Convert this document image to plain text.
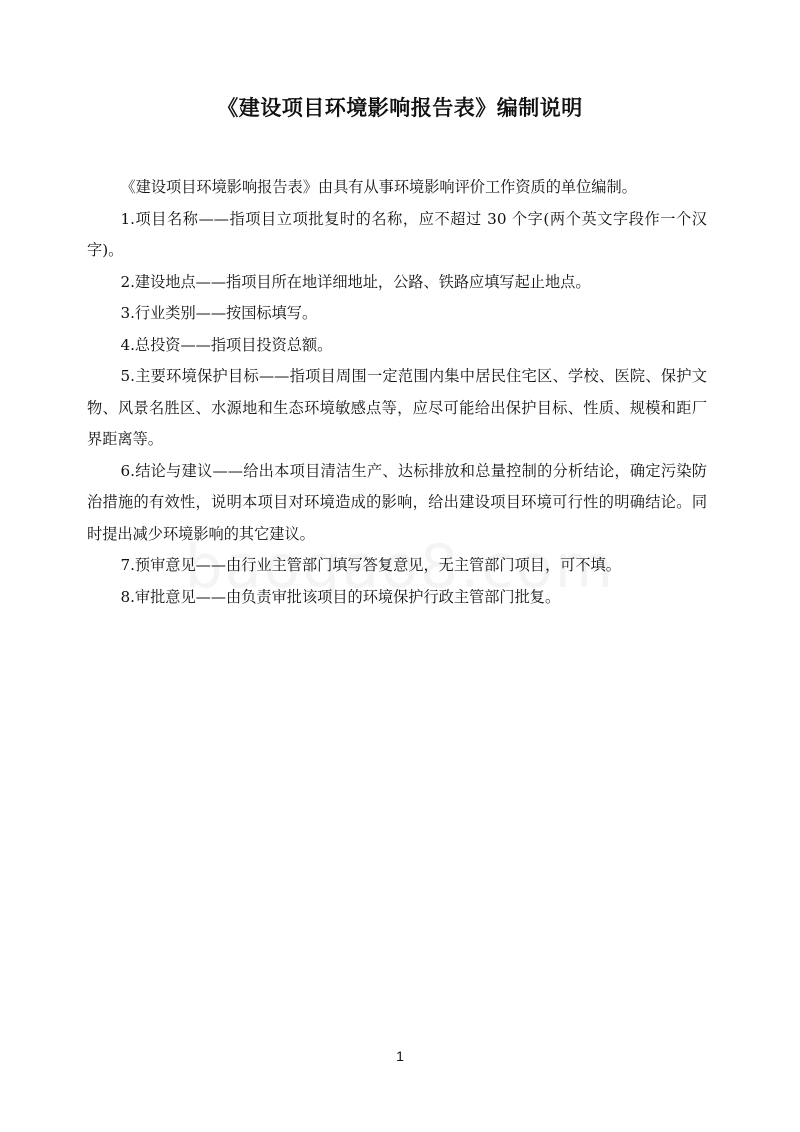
《建设项目环境影响报告表》编制说明

《建设项目环境影响报告表》由具有从事环境影响评价工作资质的单位编制。

1.项目名称——指项目立项批复时的名称，应不超过 30 个字(两个英文字段作一个汉字)。

2.建设地点——指项目所在地详细地址，公路、铁路应填写起止地点。

3.行业类别——按国标填写。

4.总投资——指项目投资总额。

5.主要环境保护目标——指项目周围一定范围内集中居民住宅区、学校、医院、保护文物、风景名胜区、水源地和生态环境敏感点等，应尽可能给出保护目标、性质、规模和距厂界距离等。

6.结论与建议——给出本项目清洁生产、达标排放和总量控制的分析结论，确定污染防治措施的有效性，说明本项目对环境造成的影响，给出建设项目环境可行性的明确结论。同时提出减少环境影响的其它建议。

7.预审意见——由行业主管部门填写答复意见，无主管部门项目，可不填。

8.审批意见——由负责审批该项目的环境保护行政主管部门批复。

1
